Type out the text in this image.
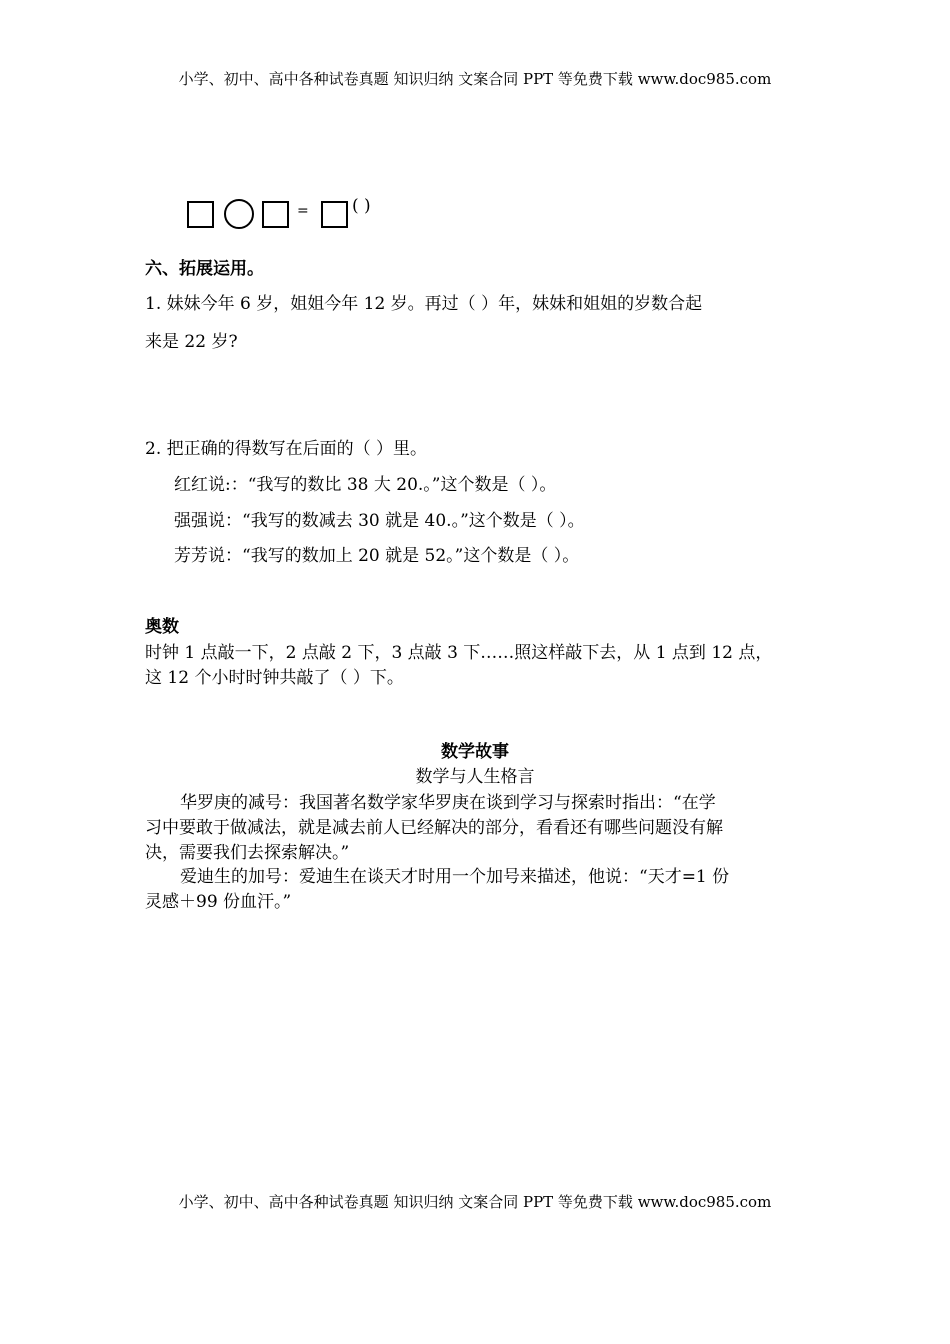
小学、初中、高中各种试卷真题 知识归纳 文案合同 PPT 等免费下载 www.doc985.com
=	( )
六、拓展运用。
1. 妹妹今年 6 岁，姐姐今年 12 岁。再过（ ）年，妹妹和姐姐的岁数合起
来是 22 岁?
2. 把正确的得数写在后面的（ ）里。
红红说:：“我写的数比 38 大 20.。”这个数是（ ）。
强强说：“我写的数减去 30 就是 40.。”这个数是（ ）。
芳芳说：“我写的数加上 20 就是 52。”这个数是（ ）。
奥数
时钟 1 点敲一下，2 点敲 2 下，3 点敲 3 下……照这样敲下去，从 1 点到 12 点，
这 12 个小时时钟共敲了（ ）下。
数学故事
数学与人生格言
华罗庚的减号：我国著名数学家华罗庚在谈到学习与探索时指出：“在学
习中要敢于做减法，就是减去前人已经解决的部分，看看还有哪些问题没有解
决，需要我们去探索解决。”
爱迪生的加号：爱迪生在谈天才时用一个加号来描述，他说：“天才=1 份
灵感＋99 份血汗。”
小学、初中、高中各种试卷真题 知识归纳 文案合同 PPT 等免费下载 www.doc985.com
